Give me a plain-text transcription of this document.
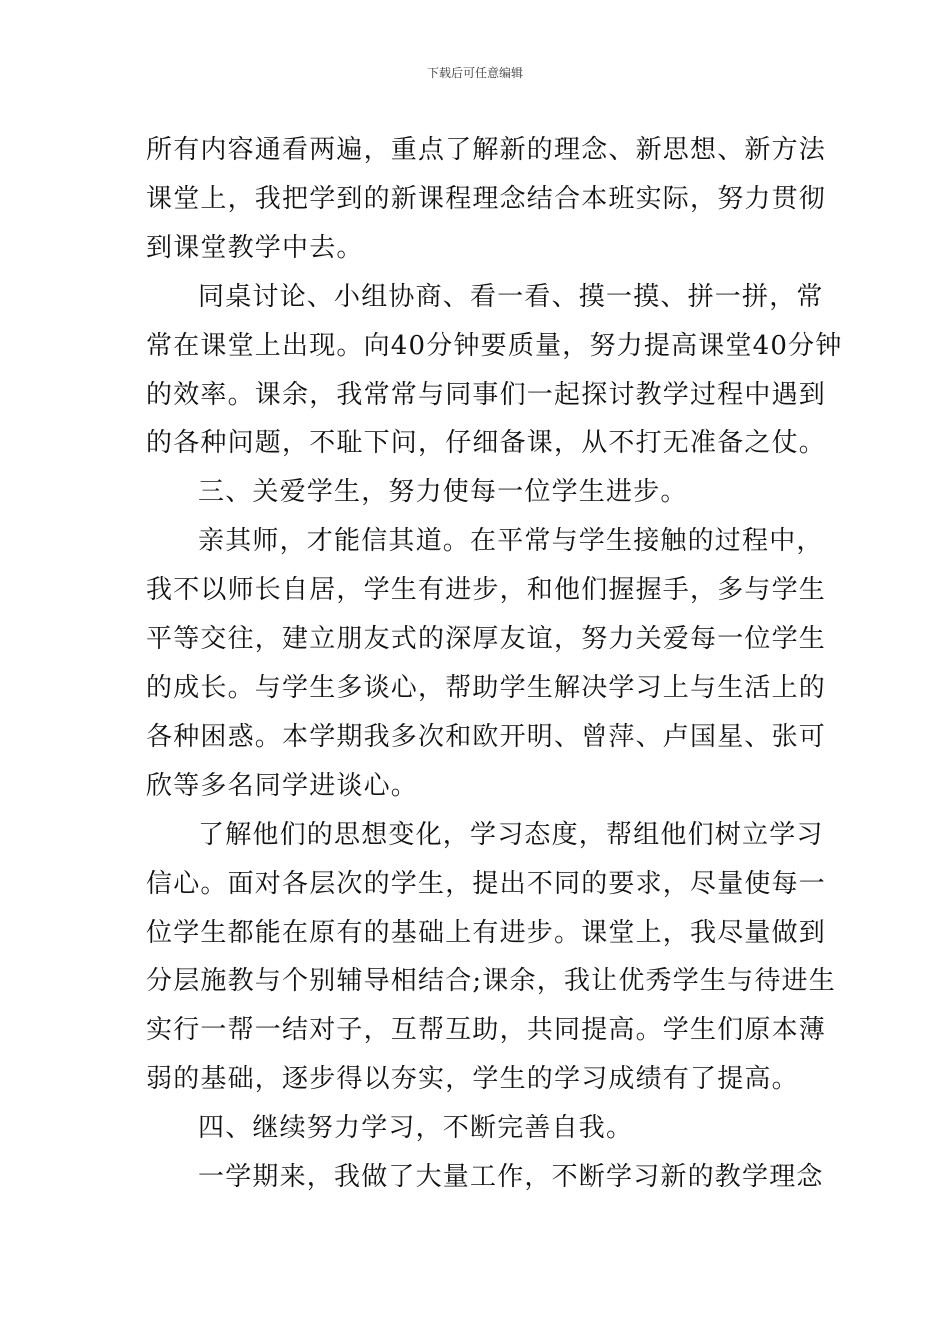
下载后可任意编辑

所有内容通看两遍，重点了解新的理念、新思想、新方法
课堂上，我把学到的新课程理念结合本班实际，努力贯彻
到课堂教学中去。

同桌讨论、小组协商、看一看、摸一摸、拼一拼，常
常在课堂上出现。向40分钟要质量，努力提高课堂40分钟
的效率。课余，我常常与同事们一起探讨教学过程中遇到
的各种问题，不耻下问，仔细备课，从不打无准备之仗。

三、关爱学生，努力使每一位学生进步。

亲其师，才能信其道。在平常与学生接触的过程中，
我不以师长自居，学生有进步，和他们握握手，多与学生
平等交往，建立朋友式的深厚友谊，努力关爱每一位学生
的成长。与学生多谈心，帮助学生解决学习上与生活上的
各种困惑。本学期我多次和欧开明、曾萍、卢国星、张可
欣等多名同学进谈心。

了解他们的思想变化，学习态度，帮组他们树立学习
信心。面对各层次的学生，提出不同的要求，尽量使每一
位学生都能在原有的基础上有进步。课堂上，我尽量做到
分层施教与个别辅导相结合;课余，我让优秀学生与待进生
实行一帮一结对子，互帮互助，共同提高。学生们原本薄
弱的基础，逐步得以夯实，学生的学习成绩有了提高。

四、继续努力学习，不断完善自我。

一学期来，我做了大量工作，不断学习新的教学理念
